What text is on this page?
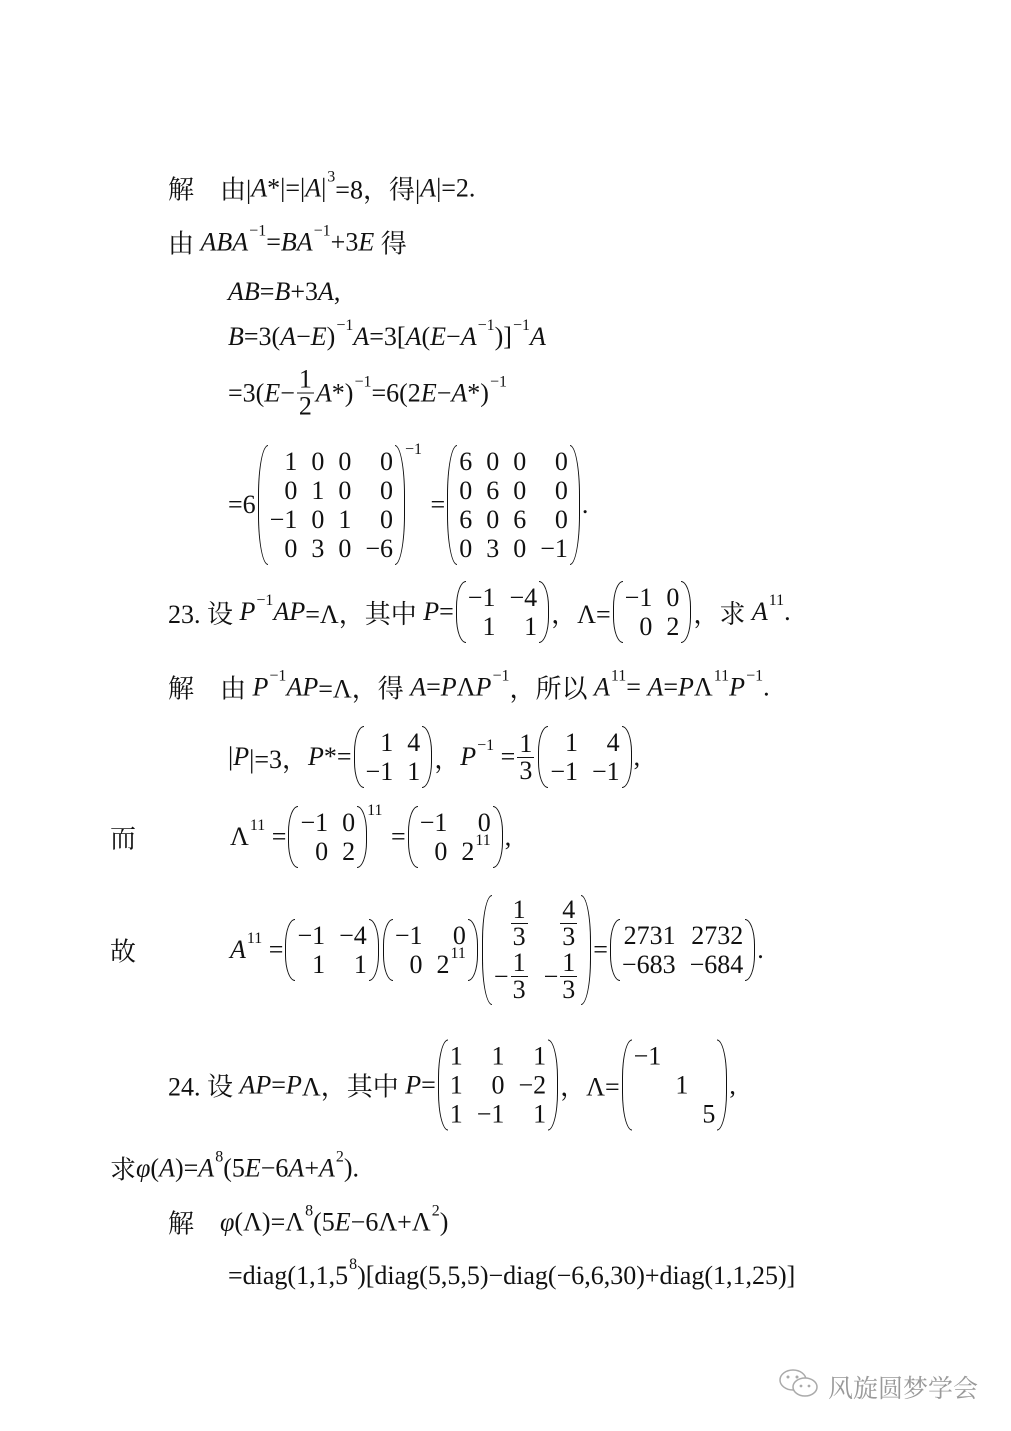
解　由| A *|=| A | 3 =8，得| A |=2.
由 ABA −1 = BA −1 +3 E 得
AB = B +3 A ,
B =3( A − E ) −1 A =3[ A ( E − A −1 )] −1 A
=3( $E - \frac{1}{2}$ A *) −1 =6(2 E − A *) −1
=6
1 0 0 0
0 1 0 0
−1 0 1 0
0 3 0 −6
−1
=
6 0 0 0
0 6 0 0
6 0 6 0
0 3 0 −1
.
23. 设 P −1 AP =Λ，其中 P = −1 −4
1 1 ，Λ=
−1 0
0 2 ，求 A 11 .
解　由 P −1 AP =Λ，得 A = P Λ P −1 ，所以 A 11 = A = P Λ 11 P −1 .
| P |=3， P *= 1 4
−1 1 ， $P -1 = \frac{1}{3} 1$ 4
−1 −1
,
而	Λ 11 = −1 0
0 2
11
= −1 0
0 2 11 ,
故	A 11 = −1 −4
1 1
−1 0
0 2 11
$\frac{1}{3} \frac{4}{3}$
− $\frac{1}{3} - \frac{1}{3}$
= 2731 2732
−683 −684
.
24. 设 AP = P Λ，其中 P =
1 1 1
1 0 −2
1 −1 1
，Λ=
−1
1
5
,
求 φ ( A )= A 8 (5 E −6 A + A 2 ).
解　 φ (Λ)=Λ 8 (5 E −6Λ+Λ 2 )
=diag(1,1,5 8 )[diag(5,5,5)−diag(−6,6,30)+diag(1,1,25)]
风旋圆梦学会
